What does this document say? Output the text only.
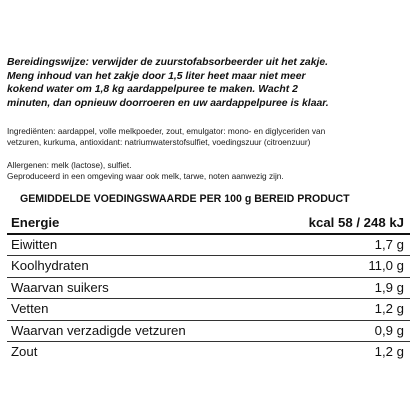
Bereidingswijze: verwijder de zuurstofabsorbeerder uit het zakje.
Meng inhoud van het zakje door 1,5 liter heet maar niet meer
kokend water om 1,8 kg aardappelpuree te maken. Wacht 2
minuten, dan opnieuw doorroeren en uw aardappelpuree is klaar.
Ingrediënten: aardappel, volle melkpoeder, zout, emulgator: mono- en diglyceriden van
vetzuren, kurkuma, antioxidant: natriumwaterstofsulfiet, voedingszuur (citroenzuur)
Allergenen: melk (lactose), sulfiet.
Geproduceerd in een omgeving waar ook melk, tarwe, noten aanwezig zijn.
GEMIDDELDE VOEDINGSWAARDE PER 100 g BEREID PRODUCT
Energie	kcal 58 / 248 kJ
Eiwitten	1,7 g
Koolhydraten	11,0 g
Waarvan suikers	1,9 g
Vetten	1,2 g
Waarvan verzadigde vetzuren	0,9 g
Zout	1,2 g
